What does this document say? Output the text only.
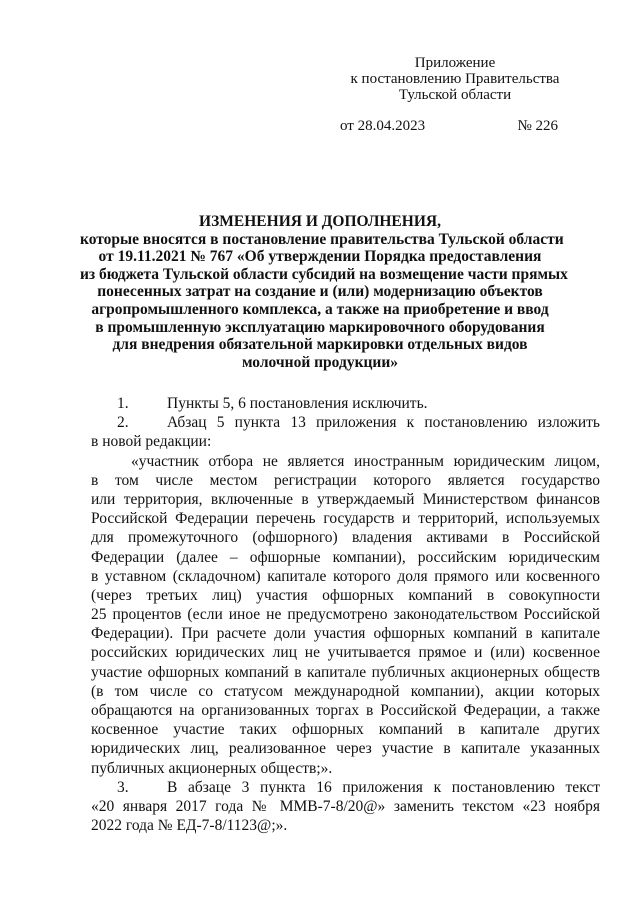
Приложение
к постановлению Правительства
Тульской области
от 28.04.2023	№ 226
ИЗМЕНЕНИЯ И ДОПОЛНЕНИЯ,
которые вносятся в постановление правительства Тульской области
от 19.11.2021 № 767 «Об утверждении Порядка предоставления
из бюджета Тульской области субсидий на возмещение части прямых
понесенных затрат на создание и (или) модернизацию объектов
агропромышленного комплекса, а также на приобретение и ввод
в промышленную эксплуатацию маркировочного оборудования
для внедрения обязательной маркировки отдельных видов
молочной продукции»
1.	Пункты 5, 6 постановления исключить.
2.	Абзац 5 пункта 13 приложения к постановлению изложить
в новой редакции:
«участник отбора не является иностранным юридическим лицом,
в том числе местом регистрации которого является государство
или территория, включенные в утверждаемый Министерством финансов
Российской Федерации перечень государств и территорий, используемых
для промежуточного (офшорного) владения активами в Российской
Федерации (далее – офшорные компании), российским юридическим
в уставном (складочном) капитале которого доля прямого или косвенного
(через третьих лиц) участия офшорных компаний в совокупности
25 процентов (если иное не предусмотрено законодательством Российской
Федерации). При расчете доли участия офшорных компаний в капитале
российских юридических лиц не учитывается прямое и (или) косвенное
участие офшорных компаний в капитале публичных акционерных обществ
(в том числе со статусом международной компании), акции которых
обращаются на организованных торгах в Российской Федерации, а также
косвенное участие таких офшорных компаний в капитале других
юридических лиц, реализованное через участие в капитале указанных
публичных акционерных обществ;».
3.	В абзаце 3 пункта 16 приложения к постановлению текст
«20 января 2017 года № ММВ-7-8/20@» заменить текстом «23 ноября
2022 года № ЕД-7-8/1123@;».
